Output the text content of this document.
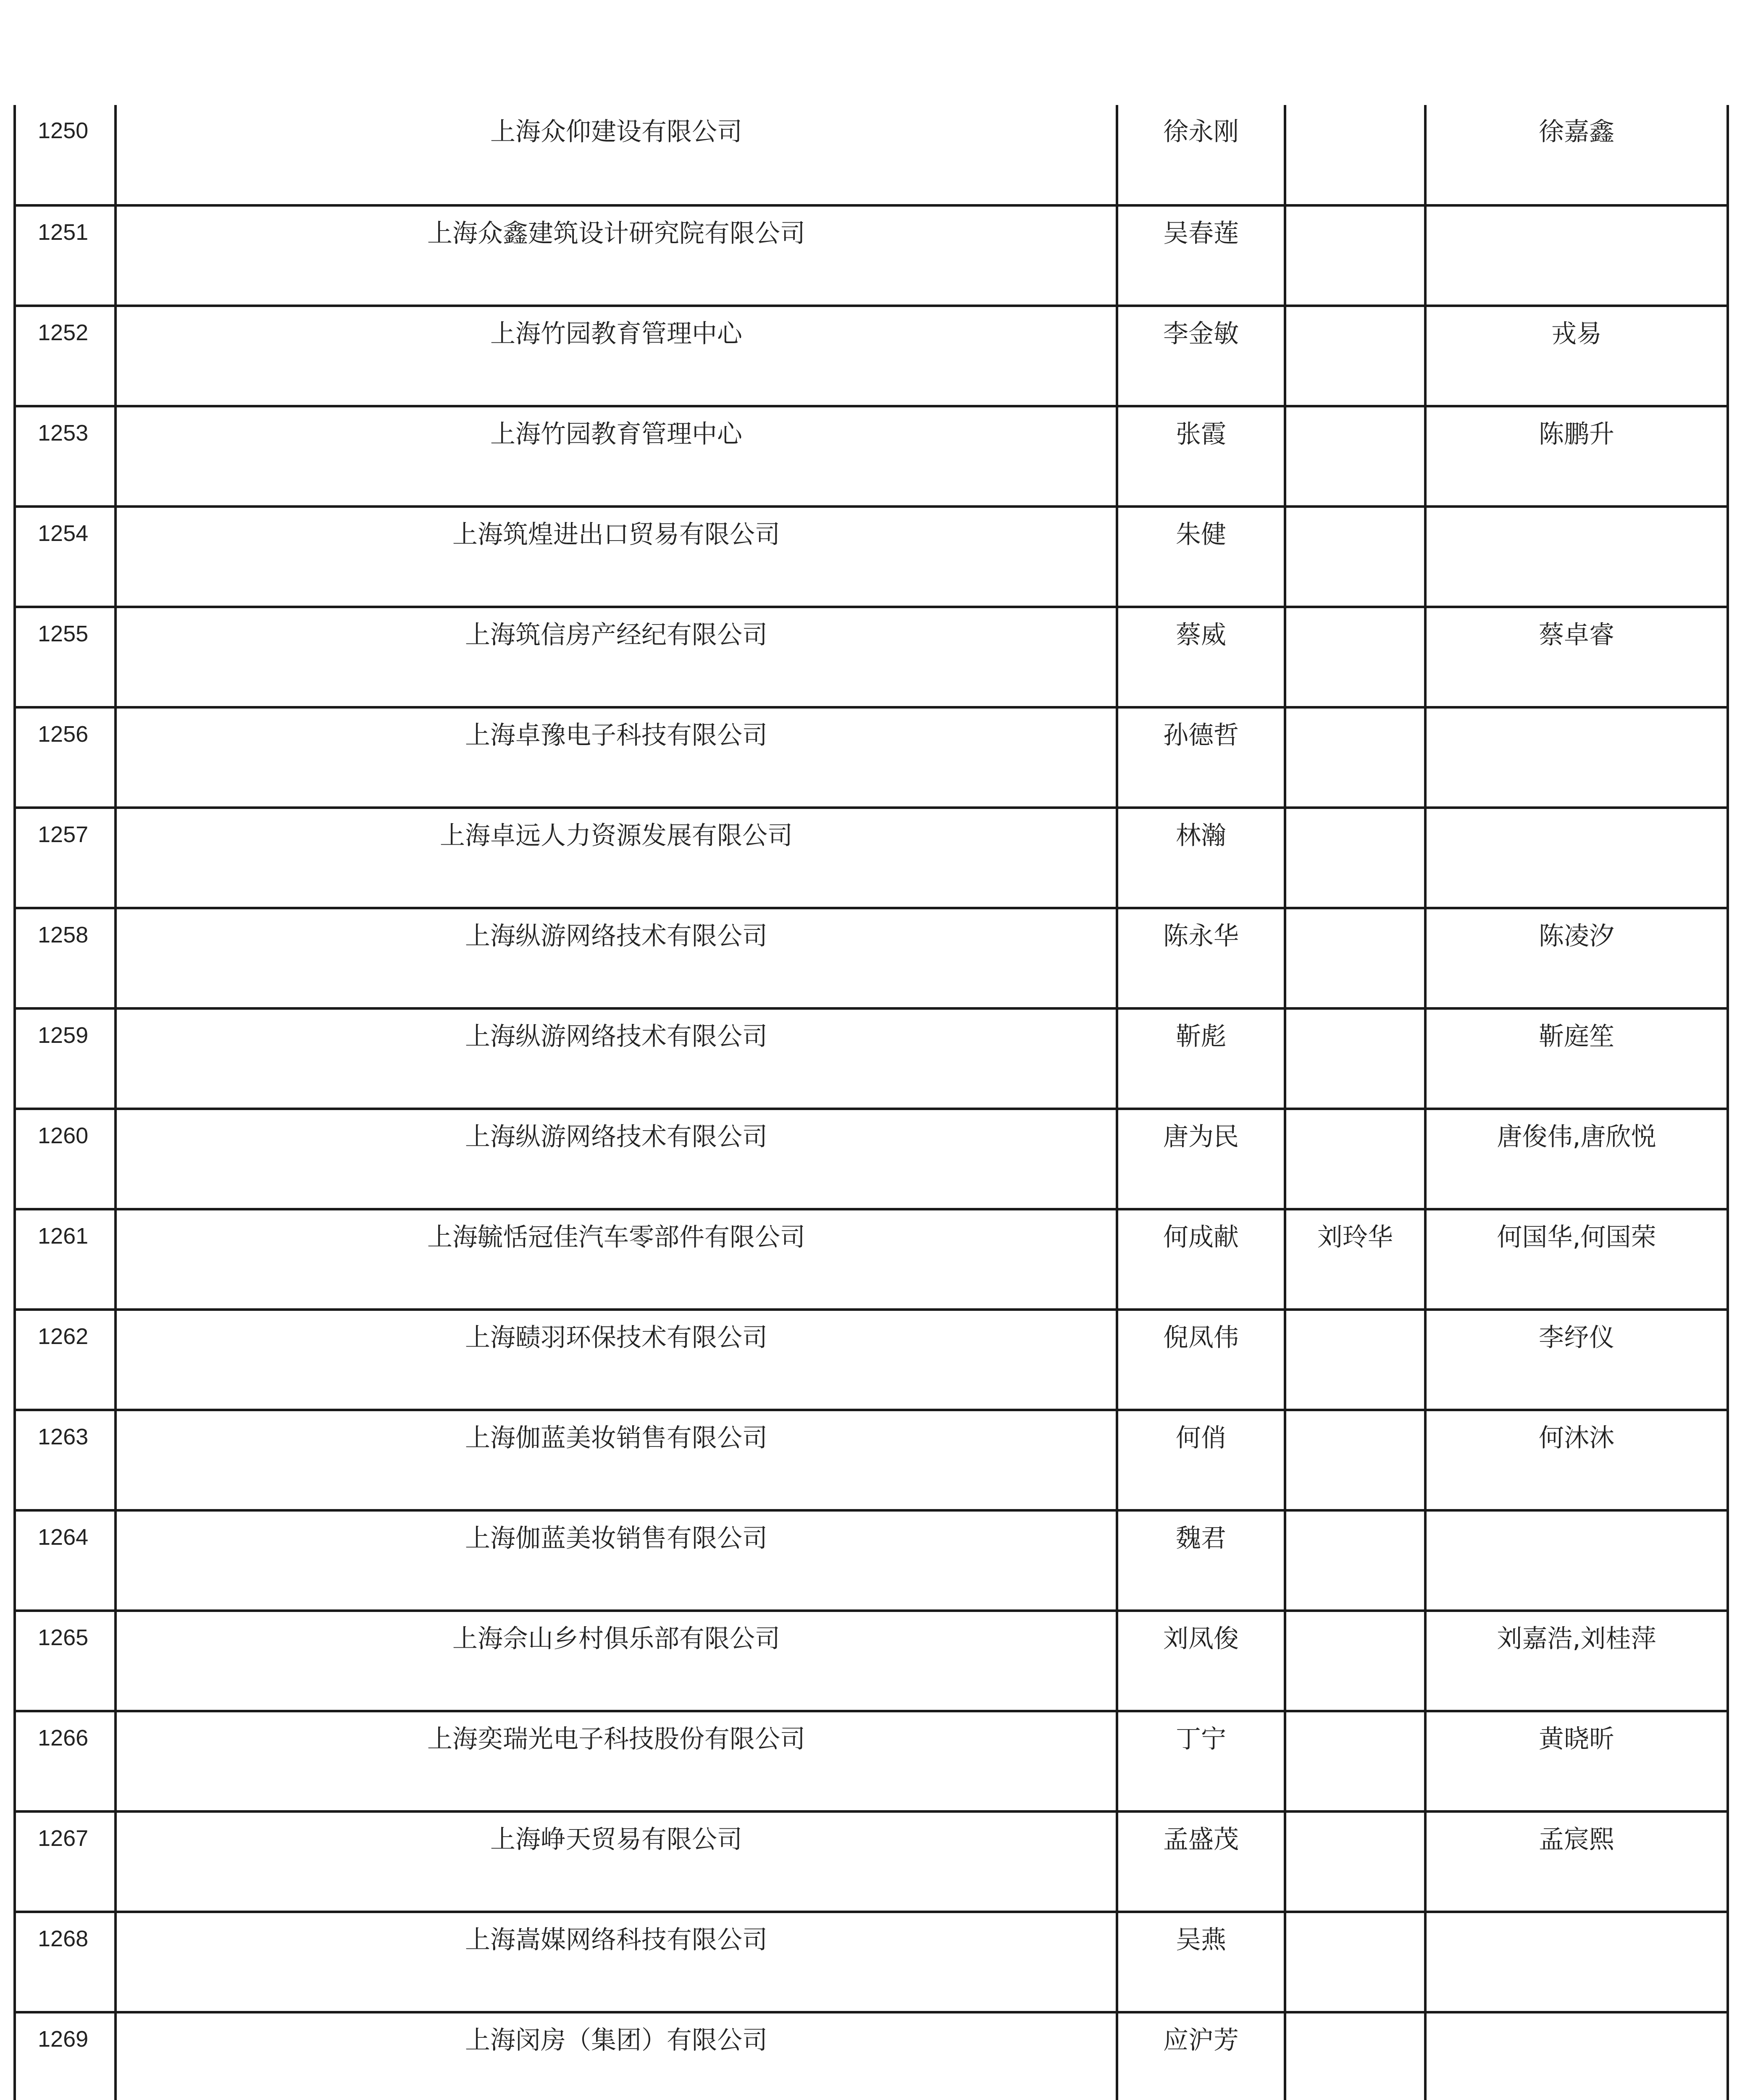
1250	上海众仰建设有限公司	徐永刚		徐嘉鑫
1251	上海众鑫建筑设计研究院有限公司	吴春莲		
1252	上海竹园教育管理中心	李金敏		戎易
1253	上海竹园教育管理中心	张霞		陈鹏升
1254	上海筑煌进出口贸易有限公司	朱健		
1255	上海筑信房产经纪有限公司	蔡威		蔡卓睿
1256	上海卓豫电子科技有限公司	孙德哲		
1257	上海卓远人力资源发展有限公司	林瀚		
1258	上海纵游网络技术有限公司	陈永华		陈凌汐
1259	上海纵游网络技术有限公司	靳彪		靳庭笙
1260	上海纵游网络技术有限公司	唐为民		唐俊伟,唐欣悦
1261	上海毓恬冠佳汽车零部件有限公司	何成献	刘玲华	何国华,何国荣
1262	上海赜羽环保技术有限公司	倪凤伟		李纾仪
1263	上海伽蓝美妆销售有限公司	何俏		何沐沐
1264	上海伽蓝美妆销售有限公司	魏君		
1265	上海佘山乡村俱乐部有限公司	刘凤俊		刘嘉浩,刘桂萍
1266	上海奕瑞光电子科技股份有限公司	丁宁		黄晓昕
1267	上海峥天贸易有限公司	孟盛茂		孟宸熙
1268	上海嵩媒网络科技有限公司	吴燕		
1269	上海闵房（集团）有限公司	应沪芳		
